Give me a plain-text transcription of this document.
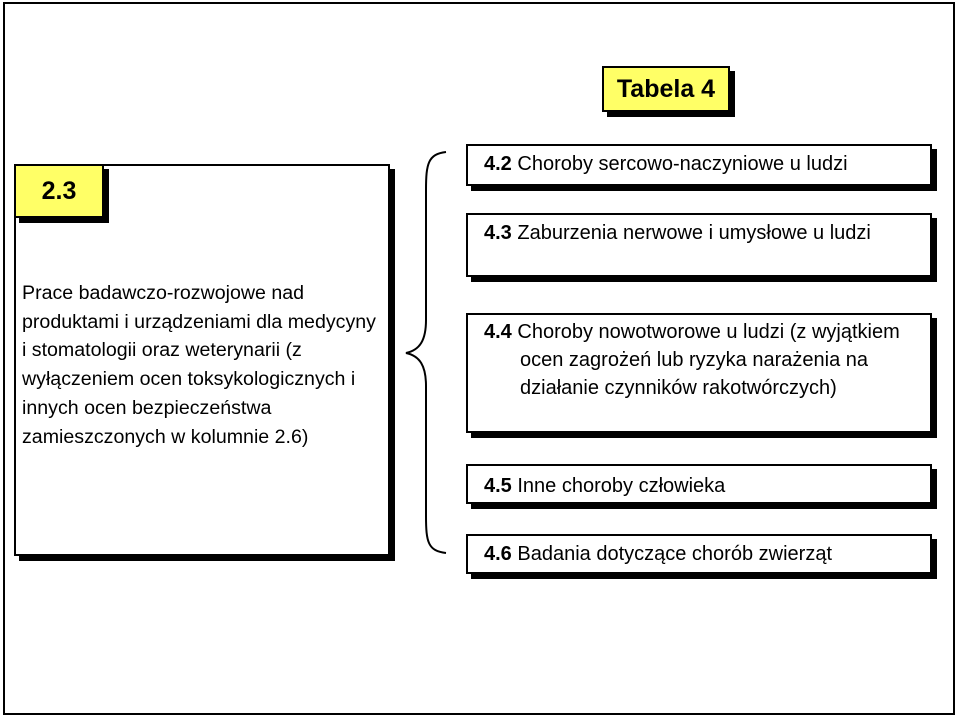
Tabela 4
2.3
Prace badawczo-rozwojowe nad produktami i urządzeniami dla medycyny i stomatologii oraz weterynarii (z wyłączeniem ocen toksykologicznych i innych ocen bezpieczeństwa zamieszczonych w kolumnie 2.6)
4.2 Choroby sercowo-naczyniowe u ludzi
4.3 Zaburzenia nerwowe i umysłowe u ludzi
4.4 Choroby nowotworowe u ludzi (z wyjątkiem ocen zagrożeń lub ryzyka narażenia na działanie czynników rakotwórczych)
4.5 Inne choroby człowieka
4.6 Badania dotyczące chorób zwierząt
